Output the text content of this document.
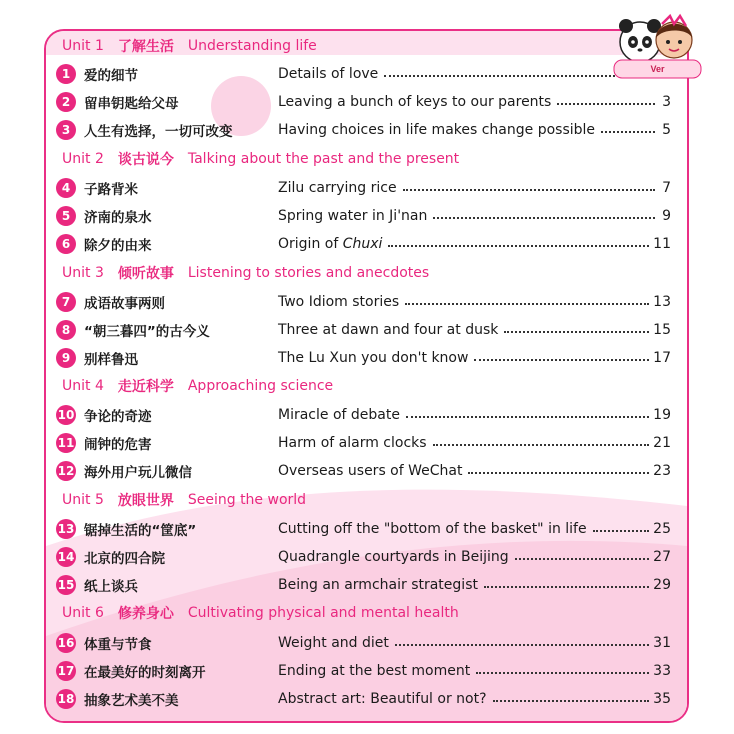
Unit 1 了解生活 Understanding life
1	爱的细节	Details of love
2	留串钥匙给父母	Leaving a bunch of keys to our parents	3
3	人生有选择，一切可改变	Having choices in life makes change possible	5
Unit 2 谈古说今 Talking about the past and the present
4	子路背米	Zilu carrying rice	7
5	济南的泉水	Spring water in Ji'nan	9
6	除夕的由来	Origin of Chuxi	11
Unit 3 倾听故事 Listening to stories and anecdotes
7	成语故事两则	Two Idiom stories	13
8	“朝三暮四”的古今义	Three at dawn and four at dusk	15
9	别样鲁迅	The Lu Xun you don't know	17
Unit 4 走近科学 Approaching science
10 争论的奇迹	Miracle of debate	19
11 闹钟的危害	Harm of alarm clocks	21
12 海外用户玩儿微信	Overseas users of WeChat	23
Unit 5 放眼世界 Seeing the world
13 锯掉生活的“筐底”	Cutting off the "bottom of the basket" in life	25
14 北京的四合院	Quadrangle courtyards in Beijing	27
15 纸上谈兵	Being an armchair strategist	29
Unit 6 修养身心 Cultivating physical and mental health
16 体重与节食	Weight and diet	31
17 在最美好的时刻离开	Ending at the best moment	33
18 抽象艺术美不美	Abstract art: Beautiful or not?	35
Ver
